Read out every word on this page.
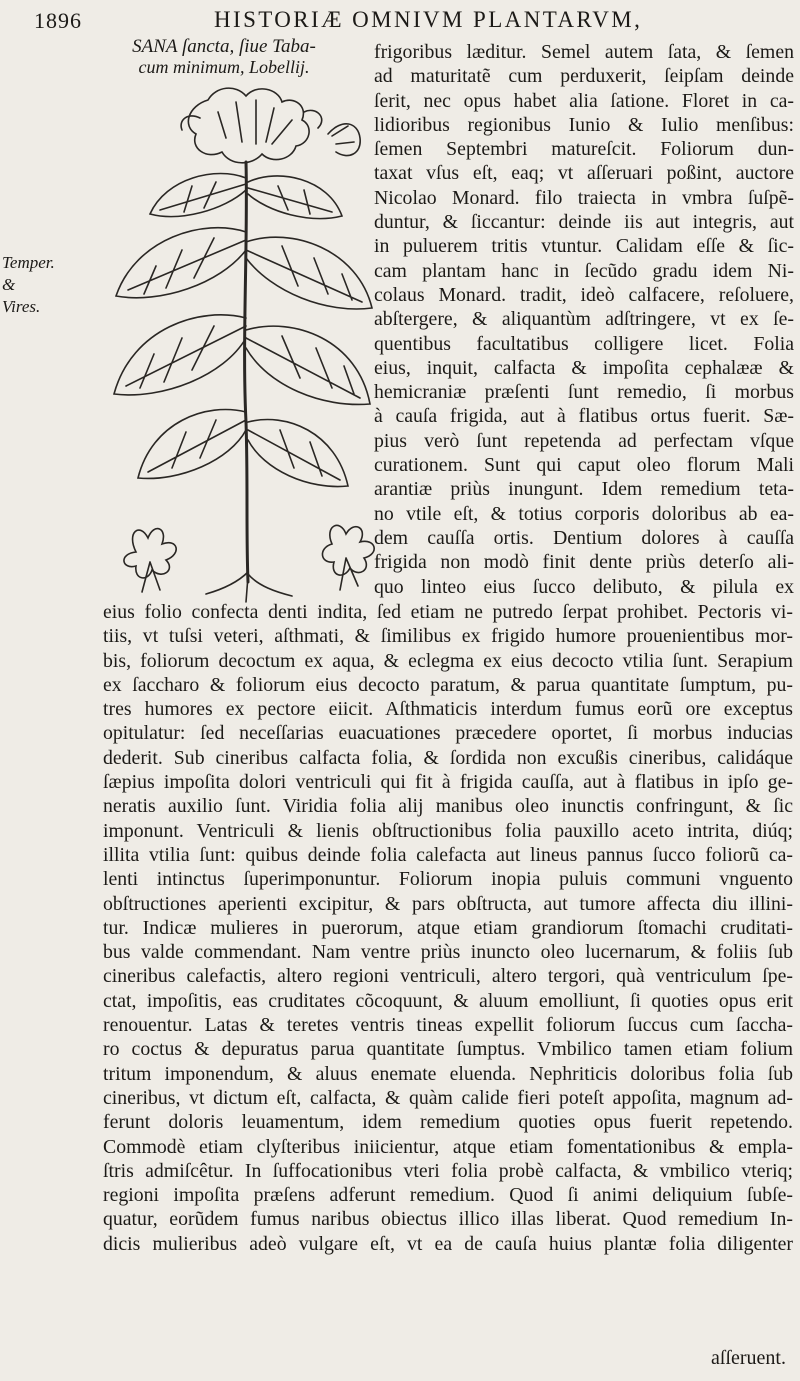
1896	HISTORIÆ OMNIVM PLANTARVM,
SANA ſancta, ſiue Taba-
cum minimum, Lobellij.
Temper.
& Vires.
frigoribus læditur. Semel autem ſata, & ſemen
ad maturitatẽ cum perduxerit, ſeipſam deinde
ſerit, nec opus habet alia ſatione. Floret in ca-
lidioribus regionibus Iunio & Iulio menſibus:
ſemen Septembri matureſcit. Foliorum dun-
taxat vſus eſt, eaq; vt aſſeruari poßint, auctore
Nicolao Monard. filo traiecta in vmbra ſuſpẽ-
duntur, & ſiccantur: deinde iis aut integris, aut
in puluerem tritis vtuntur. Calidam eſſe & ſic-
cam plantam hanc in ſecũdo gradu idem Ni-
colaus Monard. tradit, ideò calfacere, reſoluere,
abſtergere, & aliquantùm adſtringere, vt ex ſe-
quentibus facultatibus colligere licet. Folia
eius, inquit, calfacta & impoſita cephalææ &
hemicraniæ præſenti ſunt remedio, ſi morbus
à cauſa frigida, aut à flatibus ortus fuerit. Sæ-
pius verò ſunt repetenda ad perfectam vſque
curationem. Sunt qui caput oleo florum Mali
arantiæ priùs inungunt. Idem remedium teta-
no vtile eſt, & totius corporis doloribus ab ea-
dem cauſſa ortis. Dentium dolores à cauſſa
frigida non modò finit dente priùs deterſo ali-
quo linteo eius ſucco delibuto, & pilula ex
eius folio confecta denti indita, ſed etiam ne putredo ſerpat prohibet. Pectoris vi-
tiis, vt tuſsi veteri, aſthmati, & ſimilibus ex frigido humore prouenientibus mor-
bis, foliorum decoctum ex aqua, & eclegma ex eius decocto vtilia ſunt. Serapium
ex ſaccharo & foliorum eius decocto paratum, & parua quantitate ſumptum, pu-
tres humores ex pectore eiicit. Aſthmaticis interdum fumus eorũ ore exceptus
opitulatur: ſed neceſſarias euacuationes præcedere oportet, ſi morbus inducias
dederit. Sub cineribus calfacta folia, & ſordida non excußis cineribus, calidáque
ſæpius impoſita dolori ventriculi qui fit à frigida cauſſa, aut à flatibus in ipſo ge-
neratis auxilio ſunt. Viridia folia alij manibus oleo inunctis confringunt, & ſic
imponunt. Ventriculi & lienis obſtructionibus folia pauxillo aceto intrita, diúq;
illita vtilia ſunt: quibus deinde folia calefacta aut lineus pannus ſucco foliorũ ca-
lenti intinctus ſuperimponuntur. Foliorum inopia puluis communi vnguento
obſtructiones aperienti excipitur, & pars obſtructa, aut tumore affecta diu illini-
tur. Indicæ mulieres in puerorum, atque etiam grandiorum ſtomachi cruditati-
bus valde commendant. Nam ventre priùs inuncto oleo lucernarum, & foliis ſub
cineribus calefactis, altero regioni ventriculi, altero tergori, quà ventriculum ſpe-
ctat, impoſitis, eas cruditates cõcoquunt, & aluum emolliunt, ſi quoties opus erit
renouentur. Latas & teretes ventris tineas expellit foliorum ſuccus cum ſaccha-
ro coctus & depuratus parua quantitate ſumptus. Vmbilico tamen etiam folium
tritum imponendum, & aluus enemate eluenda. Nephriticis doloribus folia ſub
cineribus, vt dictum eſt, calfacta, & quàm calide fieri poteſt appoſita, magnum ad-
ferunt doloris leuamentum, idem remedium quoties opus fuerit repetendo.
Commodè etiam clyſteribus iniicientur, atque etiam fomentationibus & empla-
ſtris admiſcêtur. In ſuffocationibus vteri folia probè calfacta, & vmbilico vteriq;
regioni impoſita præſens adferunt remedium. Quod ſi animi deliquium ſubſe-
quatur, eorũdem fumus naribus obiectus illico illas liberat. Quod remedium In-
dicis mulieribus adeò vulgare eſt, vt ea de cauſa huius plantæ folia diligenter
aſſeruent.
